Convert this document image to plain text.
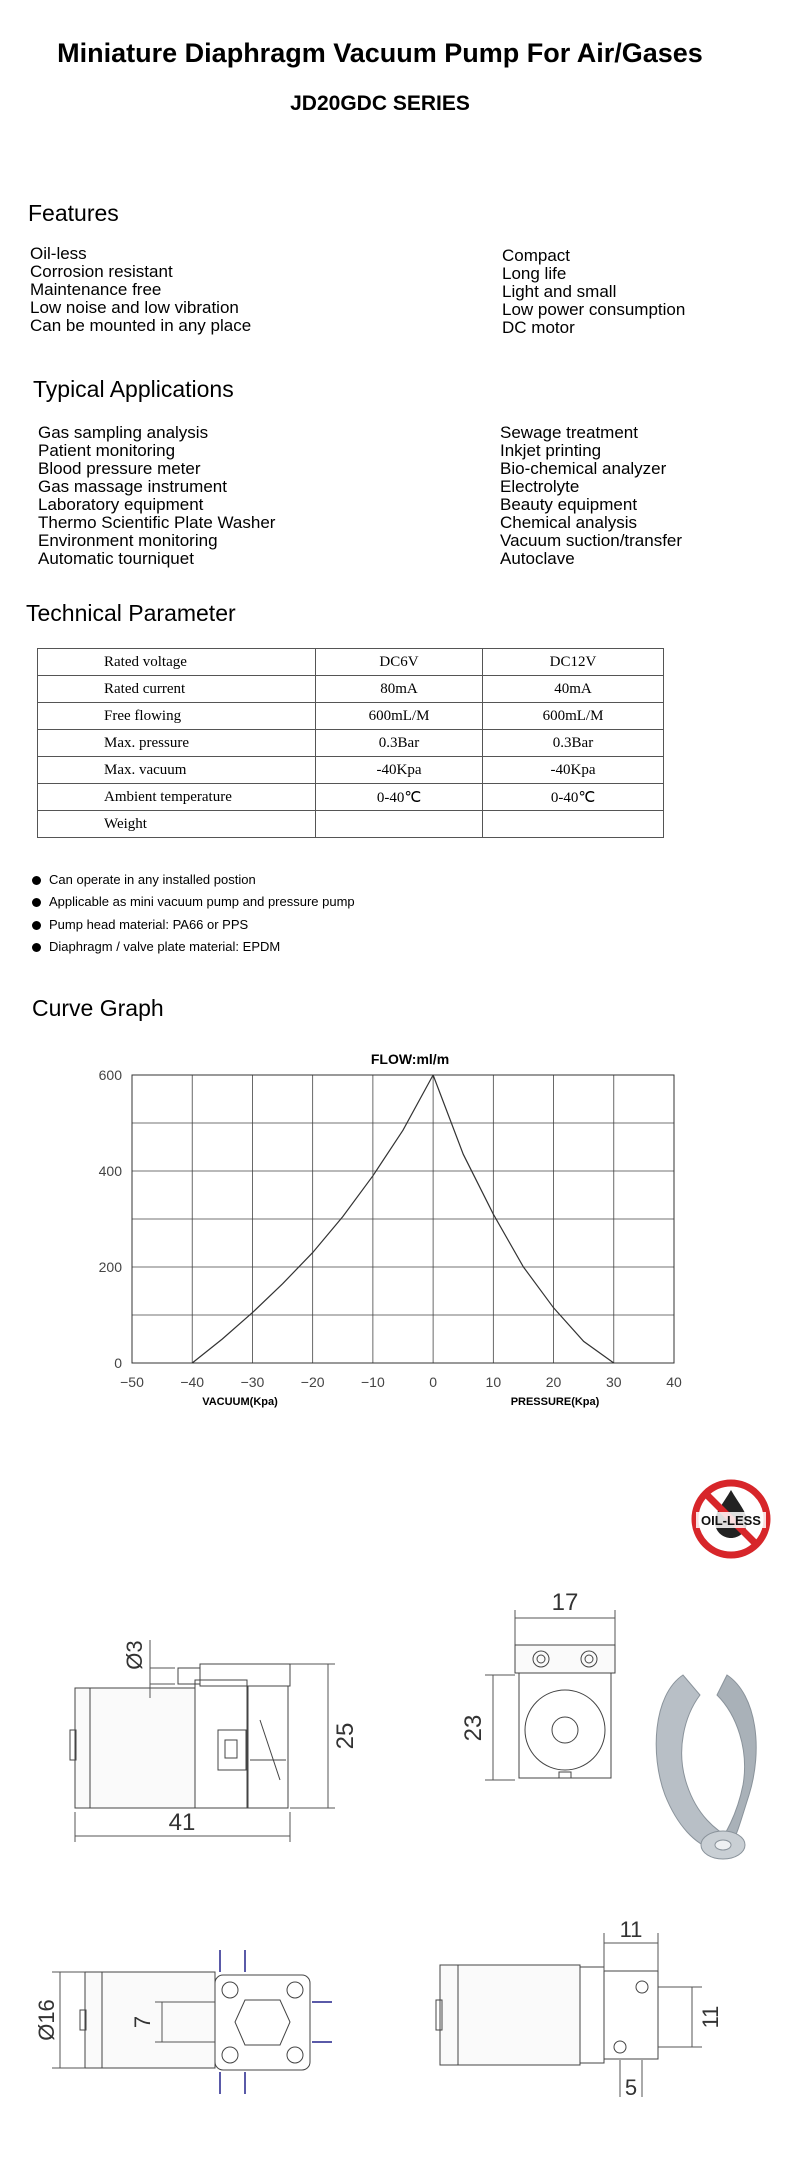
Miniature Diaphragm Vacuum Pump For Air/Gases
JD20GDC SERIES
Features
Oil-less
Corrosion resistant
Maintenance free
Low noise and low vibration
Can be mounted in any place
Compact
Long life
Light and small
Low power consumption
DC motor
Typical Applications
Gas sampling analysis
Patient monitoring
Blood pressure meter
Gas massage instrument
Laboratory equipment
Thermo Scientific Plate Washer
Environment monitoring
Automatic tourniquet
Sewage treatment
Inkjet printing
Bio-chemical analyzer
Electrolyte
Beauty equipment
Chemical analysis
Vacuum suction/transfer
Autoclave
Technical Parameter
Rated voltage	DC6V	DC12V
Rated current	80mA	40mA
Free flowing	600mL/M	600mL/M
Max. pressure	0.3Bar	0.3Bar
Max. vacuum	-40Kpa	-40Kpa
Ambient temperature	0-40℃	0-40℃
Weight		
Can operate in any installed postion
Applicable as mini vacuum pump and pressure pump
Pump head material: PA66 or PPS
Diaphragm / valve plate material: EPDM
Curve Graph
−50	−40	−30	−20	−10	0	10	20	30	40
0
200
400
600
FLOW:ml/m
VACUUM(Kpa)	PRESSURE(Kpa)
OIL-LESS
Ø3
25
41
17
23
Ø16	7
11
11
5
